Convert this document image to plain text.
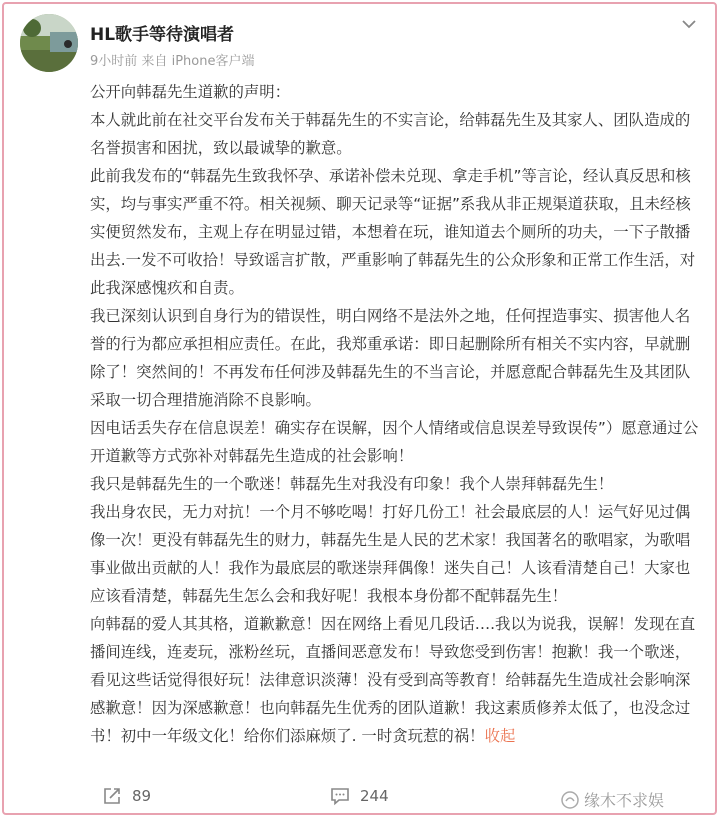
HL歌手等待演唱者
9小时前 来自 iPhone客户端

公开向韩磊先生道歉的声明：

本人就此前在社交平台发布关于韩磊先生的不实言论，给韩磊先生及其家人、团队造成的名誉损害和困扰，致以最诚挚的歉意。

此前我发布的“韩磊先生致我怀孕、承诺补偿未兑现、拿走手机”等言论，经认真反思和核实，均与事实严重不符。相关视频、聊天记录等“证据”系我从非正规渠道获取，且未经核实便贸然发布，主观上存在明显过错，本想着在玩，谁知道去个厕所的功夫，一下子散播出去.一发不可收拾！导致谣言扩散，严重影响了韩磊先生的公众形象和正常工作生活，对此我深感愧疚和自责。

我已深刻认识到自身行为的错误性，明白网络不是法外之地，任何捏造事实、损害他人名誉的行为都应承担相应责任。在此，我郑重承诺：即日起删除所有相关不实内容，早就删除了！突然间的！不再发布任何涉及韩磊先生的不当言论，并愿意配合韩磊先生及其团队采取一切合理措施消除不良影响。

因电话丢失存在信息误差！确实存在误解，因个人情绪或信息误差导致误传”）愿意通过公开道歉等方式弥补对韩磊先生造成的社会影响！

我只是韩磊先生的一个歌迷！韩磊先生对我没有印象！我个人崇拜韩磊先生！

我出身农民，无力对抗！一个月不够吃喝！打好几份工！社会最底层的人！运气好见过偶像一次！更没有韩磊先生的财力，韩磊先生是人民的艺术家！我国著名的歌唱家，为歌唱事业做出贡献的人！我作为最底层的歌迷崇拜偶像！迷失自己！人该看清楚自己！大家也应该看清楚，韩磊先生怎么会和我好呢！我根本身份都不配韩磊先生！

向韩磊的爱人其其格，道歉歉意！因在网络上看见几段话….我以为说我，误解！发现在直播间连线，连麦玩，涨粉丝玩，直播间恶意发布！导致您受到伤害！抱歉！我一个歌迷，看见这些话觉得很好玩！法律意识淡薄！没有受到高等教育！给韩磊先生造成社会影响深感歉意！因为深感歉意！也向韩磊先生优秀的团队道歉！我这素质修养太低了，也没念过书！初中一年级文化！给你们添麻烦了. 一时贪玩惹的祸！收起

89	244	缘木不求娱
